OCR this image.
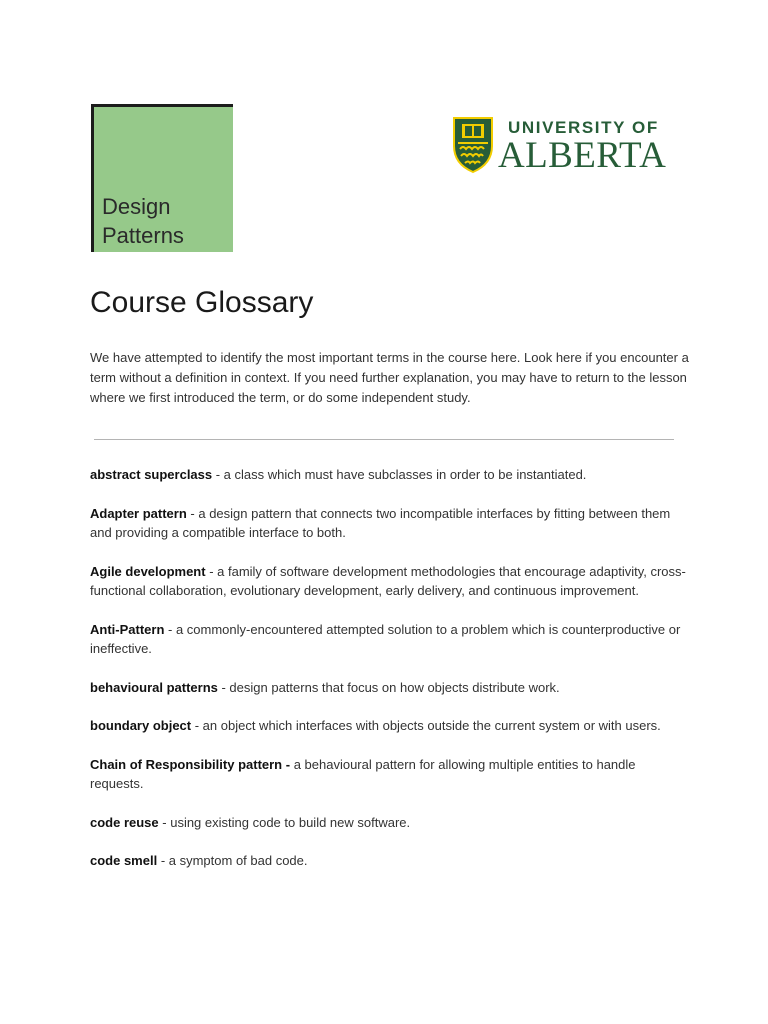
Design
Patterns
UNIVERSITY OF
ALBERTA
Course Glossary

We have attempted to identify the most important terms in the course here. Look here if you encounter a term without a definition in context. If you need further explanation, you may have to return to the lesson where we first introduced the term, or do some independent study.

abstract superclass - a class which must have subclasses in order to be instantiated.
Adapter pattern - a design pattern that connects two incompatible interfaces by fitting between them and providing a compatible interface to both.
Agile development - a family of software development methodologies that encourage adaptivity, cross-functional collaboration, evolutionary development, early delivery, and continuous improvement.
Anti-Pattern - a commonly-encountered attempted solution to a problem which is counterproductive or ineffective.
behavioural patterns - design patterns that focus on how objects distribute work.
boundary object - an object which interfaces with objects outside the current system or with users.
Chain of Responsibility pattern - a behavioural pattern for allowing multiple entities to handle requests.
code reuse - using existing code to build new software.
code smell - a symptom of bad code.
